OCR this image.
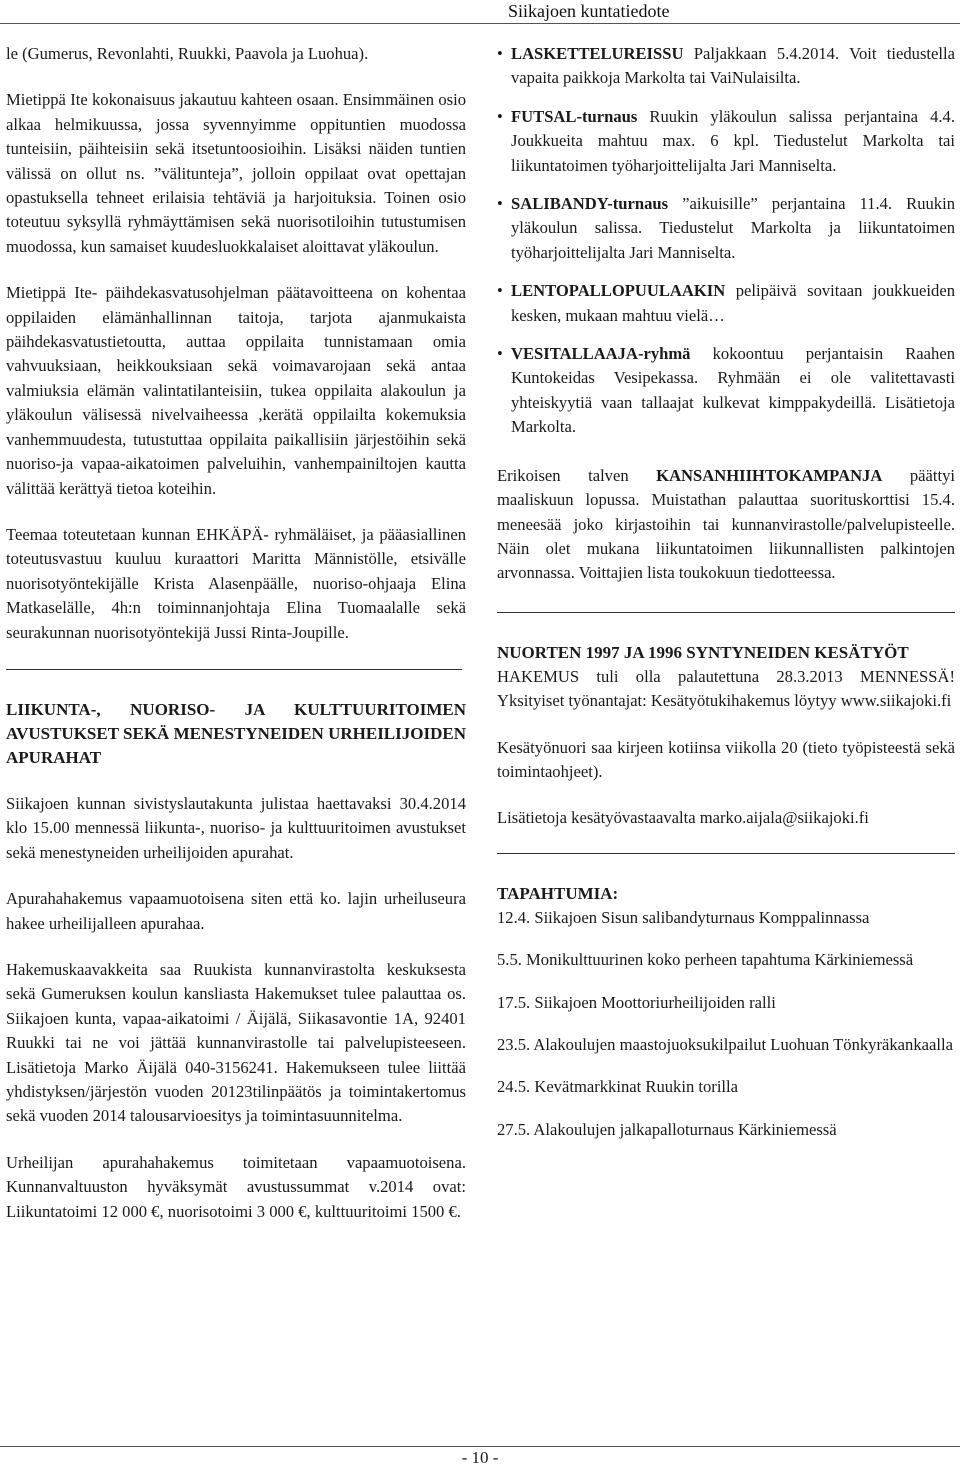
Siikajoen kuntatiedote

le (Gumerus, Revonlahti, Ruukki, Paavola ja Luohua).

Mietippä Ite kokonaisuus jakautuu kahteen osaan. Ensimmäinen osio alkaa helmikuussa, jossa syvennyimme oppituntien muodossa tunteisiin, päihteisiin sekä itsetuntoosioihin. Lisäksi näiden tuntien välissä on ollut ns. ”välitunteja”, jolloin oppilaat ovat opettajan opastuksella tehneet erilaisia tehtäviä ja harjoituksia. Toinen osio toteutuu syksyllä ryhmäyttämisen sekä nuorisotiloihin tutustumisen muodossa, kun samaiset kuudesluokkalaiset aloittavat yläkoulun.

Mietippä Ite- päihdekasvatusohjelman päätavoitteena on kohentaa oppilaiden elämänhallinnan taitoja, tarjota ajanmukaista päihdekasvatustietoutta, auttaa oppilaita tunnistamaan omia vahvuuksiaan, heikkouksiaan sekä voimavarojaan sekä antaa valmiuksia elämän valintatilanteisiin, tukea oppilaita alakoulun ja yläkoulun välisessä nivelvaiheessa ,kerätä oppilailta kokemuksia vanhemmuudesta, tutustuttaa oppilaita paikallisiin järjestöihin sekä nuoriso-ja vapaa-aikatoimen palveluihin, vanhempainiltojen kautta välittää kerättyä tietoa koteihin.

Teemaa toteutetaan kunnan EHKÄPÄ- ryhmäläiset, ja pääasiallinen toteutusvastuu kuuluu kuraattori Maritta Männistölle, etsivälle nuorisotyöntekijälle Krista Alasenpäälle, nuoriso-ohjaaja Elina Matkaselälle, 4h:n toiminnanjohtaja Elina Tuomaalalle sekä seurakunnan nuorisotyöntekijä Jussi Rinta-Joupille.

LIIKUNTA-, NUORISO- JA KULTTUURITOIMEN AVUSTUKSET SEKÄ MENESTYNEIDEN URHEILIJOIDEN APURAHAT

Siikajoen kunnan sivistyslautakunta julistaa haettavaksi 30.4.2014 klo 15.00 mennessä liikunta-, nuoriso- ja kulttuuritoimen avustukset sekä menestyneiden urheilijoiden apurahat.

Apurahahakemus vapaamuotoisena siten että ko. lajin urheiluseura hakee urheilijalleen apurahaa.

Hakemuskaavakkeita saa Ruukista kunnanvirastolta keskuksesta sekä Gumeruksen koulun kansliasta Hakemukset tulee palauttaa os. Siikajoen kunta, vapaa-aikatoimi / Äijälä, Siikasavontie 1A, 92401 Ruukki tai ne voi jättää kunnanvirastolle tai palvelupisteeseen. Lisätietoja Marko Äijälä 040-3156241. Hakemukseen tulee liittää yhdistyksen/järjestön vuoden 20123tilinpäätös ja toimintakertomus sekä vuoden 2014 talousarvioesitys ja toimintasuunnitelma.

Urheilijan apurahahakemus toimitetaan vapaamuotoisena. Kunnanvaltuuston hyväksymät avustussummat v.2014 ovat: Liikuntatoimi 12 000 €, nuorisotoimi 3 000 €, kulttuuritoimi 1500 €.

• LASKETTELUREISSU Paljakkaan 5.4.2014. Voit tiedustella vapaita paikkoja Markolta tai VaiNulaisilta.
• FUTSAL-turnaus Ruukin yläkoulun salissa perjantaina 4.4. Joukkueita mahtuu max. 6 kpl. Tiedustelut Markolta tai liikuntatoimen työharjoittelijalta Jari Manniselta.
• SALIBANDY-turnaus ”aikuisille” perjantaina 11.4. Ruukin yläkoulun salissa. Tiedustelut Markolta ja liikuntatoimen työharjoittelijalta Jari Manniselta.
• LENTOPALLOPUULAAKIN pelipäivä sovitaan joukkueiden kesken, mukaan mahtuu vielä…
• VESITALLAAJA-ryhmä kokoontuu perjantaisin Raahen Kuntokeidas Vesipekassa. Ryhmään ei ole valitettavasti yhteiskyytiä vaan tallaajat kulkevat kimppakydeillä. Lisätietoja Markolta.

Erikoisen talven KANSANHIIHTOKAMPANJA päättyi maaliskuun lopussa. Muistathan palauttaa suorituskorttisi 15.4. meneesää joko kirjastoihin tai kunnanvirastolle/palvelupisteelle. Näin olet mukana liikuntatoimen liikunnallisten palkintojen arvonnassa. Voittajien lista toukokuun tiedotteessa.

NUORTEN 1997 JA 1996 SYNTYNEIDEN KESÄTYÖT

HAKEMUS tuli olla palautettuna 28.3.2013 MENNESSÄ! Yksityiset työnantajat: Kesätyötukihakemus löytyy www.siikajoki.fi

Kesätyönuori saa kirjeen kotiinsa viikolla 20 (tieto työpisteestä sekä toimintaohjeet).

Lisätietoja kesätyövastaavalta marko.aijala@siikajoki.fi

TAPAHTUMIA:

12.4. Siikajoen Sisun salibandyturnaus Komppalinnassa

5.5. Monikulttuurinen koko perheen tapahtuma Kärkiniemessä

17.5. Siikajoen Moottoriurheilijoiden ralli

23.5. Alakoulujen maastojuoksukilpailut Luohuan Tönkyräkankaalla

24.5. Kevätmarkkinat Ruukin torilla

27.5. Alakoulujen jalkapalloturnaus Kärkiniemessä

- 10 -
